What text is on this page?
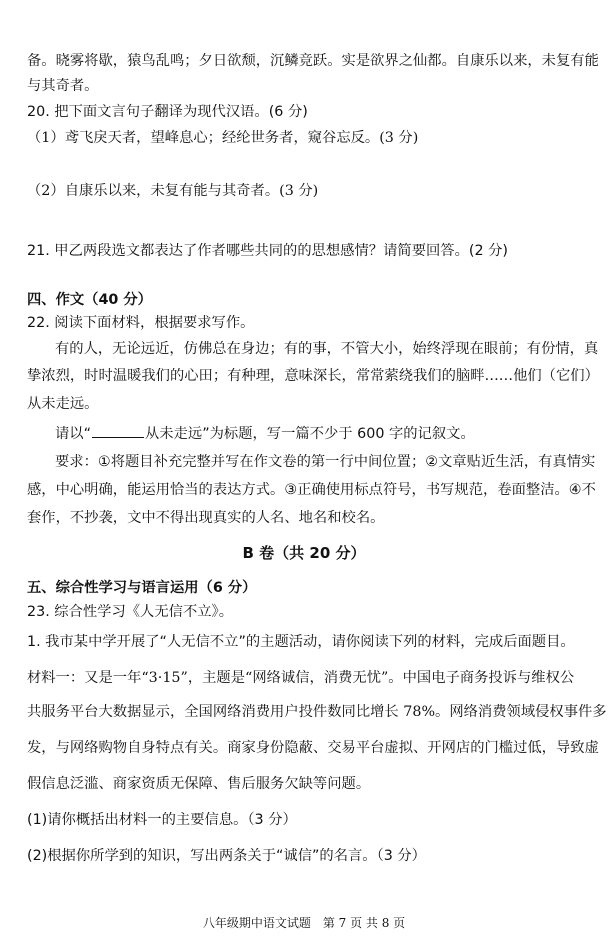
备。晓雾将歇，猿鸟乱鸣；夕日欲颓，沉鳞竞跃。实是欲界之仙都。自康乐以来，未复有能
与其奇者。
20. 把下面文言句子翻译为现代汉语。(6 分)
（1）鸢飞戾天者，望峰息心；经纶世务者，窥谷忘反。(3 分)
（2）自康乐以来，未复有能与其奇者。(3 分)
21. 甲乙两段选文都表达了作者哪些共同的的思想感情？请简要回答。(2 分)
四、作文（40 分）
22. 阅读下面材料，根据要求写作。
有的人，无论远近，仿佛总在身边；有的事，不管大小，始终浮现在眼前；有份情，真
挚浓烈，时时温暖我们的心田；有种理，意味深长，常常萦绕我们的脑畔……他们（它们）
从未走远。
请以“	从未走远”为标题，写一篇不少于 600 字的记叙文。
要求：①将题目补充完整并写在作文卷的第一行中间位置；②文章贴近生活，有真情实
感，中心明确，能运用恰当的表达方式。③正确使用标点符号，书写规范，卷面整洁。④不
套作，不抄袭，文中不得出现真实的人名、地名和校名。
B 卷（共 20 分）
五、综合性学习与语言运用（6 分）
23. 综合性学习《人无信不立》。
1. 我市某中学开展了“人无信不立”的主题活动，请你阅读下列的材料，完成后面题目。
材料一：又是一年“3·15”，主题是“网络诚信，消费无忧”。中国电子商务投诉与维权公
共服务平台大数据显示，全国网络消费用户投件数同比增长 78%。网络消费领域侵权事件多
发，与网络购物自身特点有关。商家身份隐蔽、交易平台虚拟、开网店的门槛过低，导致虚
假信息泛滥、商家资质无保障、售后服务欠缺等问题。
(1)请你概括出材料一的主要信息。（3 分）
(2)根据你所学到的知识，写出两条关于“诚信”的名言。（3 分）
八年级期中语文试题　第 7 页 共 8 页
